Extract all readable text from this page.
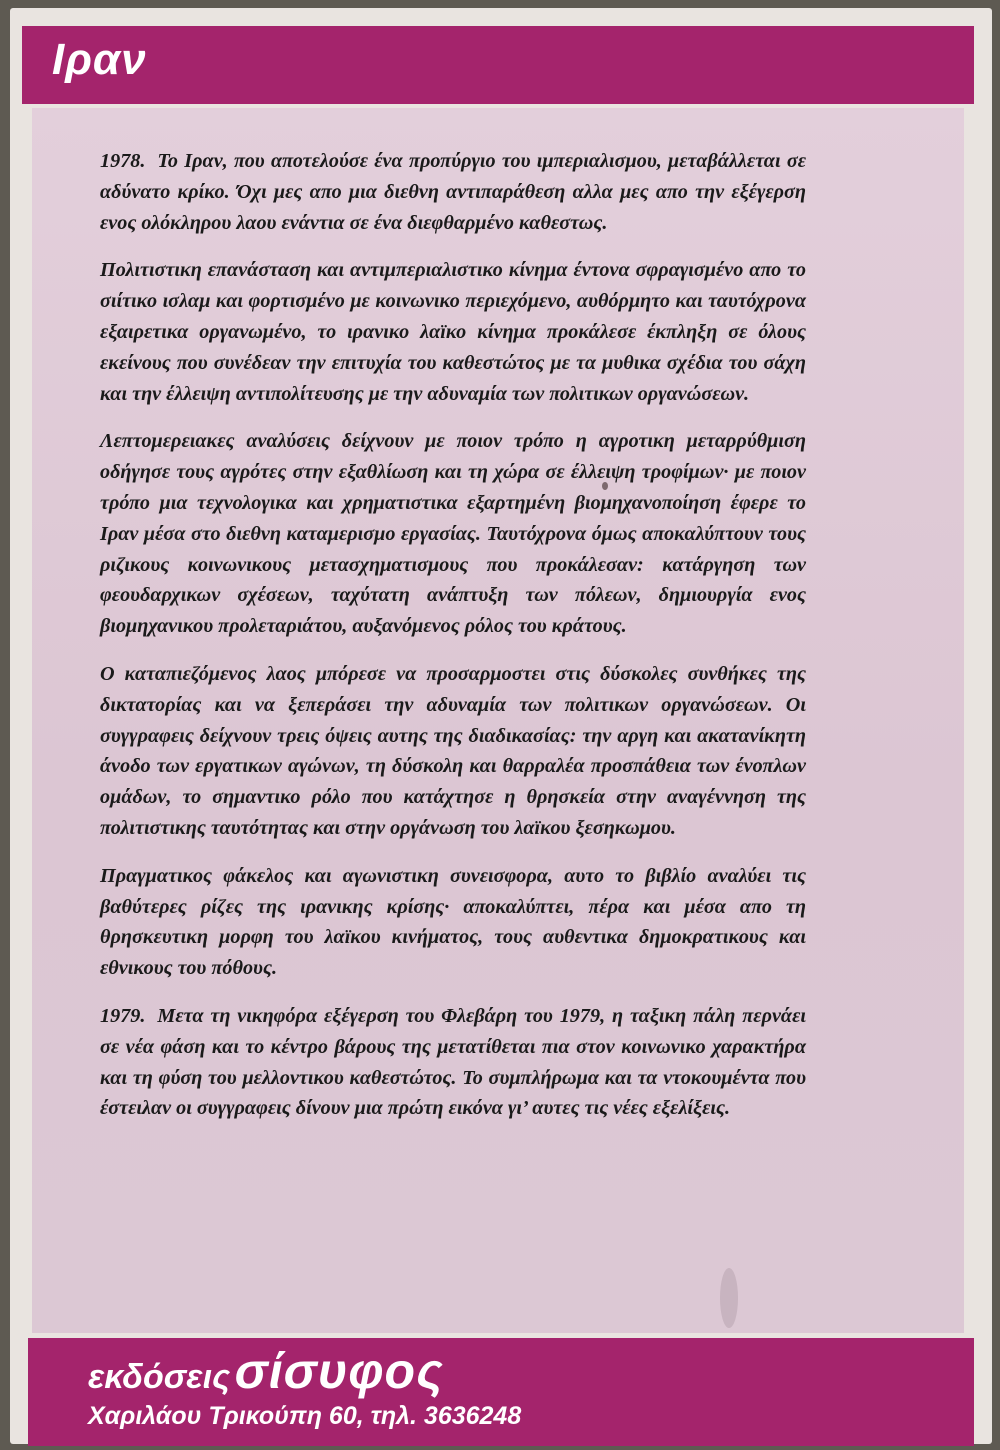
Ιραν

1978. Το Ιραν, που αποτελούσε ένα προπύργιο του ιμπεριαλισμου, μεταβάλλεται σε αδύνατο κρίκο. Όχι μες απο μια διεθνη αντιπαράθεση αλλα μες απο την εξέγερση ενος ολόκληρου λαου ενάντια σε ένα διεφθαρμένο καθεστως.

Πολιτιστικη επανάσταση και αντιμπεριαλιστικο κίνημα έντονα σφραγισμένο απο το σιίτικο ισλαμ και φορτισμένο με κοινωνικο περιεχόμενο, αυθόρμητο και ταυτόχρονα εξαιρετικα οργανωμένο, το ιρανικο λαϊκο κίνημα προκάλεσε έκπληξη σε όλους εκείνους που συνέδεαν την επιτυχία του καθεστώτος με τα μυθικα σχέδια του σάχη και την έλλειψη αντιπολίτευσης με την αδυναμία των πολιτικων οργανώσεων.

Λεπτομερειακες αναλύσεις δείχνουν με ποιον τρόπο η αγροτικη μεταρρύθμιση οδήγησε τους αγρότες στην εξαθλίωση και τη χώρα σε έλλειψη τροφίμων· με ποιον τρόπο μια τεχνολογικα και χρηματιστικα εξαρτημένη βιομηχανοποίηση έφερε το Ιραν μέσα στο διεθνη καταμερισμο εργασίας. Ταυτόχρονα όμως αποκαλύπτουν τους ριζικους κοινωνικους μετασχηματισμους που προκάλεσαν: κατάργηση των φεουδαρχικων σχέσεων, ταχύτατη ανάπτυξη των πόλεων, δημιουργία ενος βιομηχανικου προλεταριάτου, αυξανόμενος ρόλος του κράτους.

Ο καταπιεζόμενος λαος μπόρεσε να προσαρμοστει στις δύσκολες συνθήκες της δικτατορίας και να ξεπεράσει την αδυναμία των πολιτικων οργανώσεων. Οι συγγραφεις δείχνουν τρεις όψεις αυτης της διαδικασίας: την αργη και ακατανίκητη άνοδο των εργατικων αγώνων, τη δύσκολη και θαρραλέα προσπάθεια των ένοπλων ομάδων, το σημαντικο ρόλο που κατάχτησε η θρησκεία στην αναγέννηση της πολιτιστικης ταυτότητας και στην οργάνωση του λαϊκου ξεσηκωμου.

Πραγματικος φάκελος και αγωνιστικη συνεισφορα, αυτο το βιβλίο αναλύει τις βαθύτερες ρίζες της ιρανικης κρίσης· αποκαλύπτει, πέρα και μέσα απο τη θρησκευτικη μορφη του λαϊκου κινήματος, τους αυθεντικα δημοκρατικους και εθνικους του πόθους.

1979. Μετα τη νικηφόρα εξέγερση του Φλεβάρη του 1979, η ταξικη πάλη περνάει σε νέα φάση και το κέντρο βάρους της μετατίθεται πια στον κοινωνικο χαρακτήρα και τη φύση του μελλοντικου καθεστώτος. Το συμπλήρωμα και τα ντοκουμέντα που έστειλαν οι συγγραφεις δίνουν μια πρώτη εικόνα γι’ αυτες τις νέες εξελίξεις.

εκδόσεις σίσυφος

Χαριλάου Τρικούπη 60, τηλ. 3636248
